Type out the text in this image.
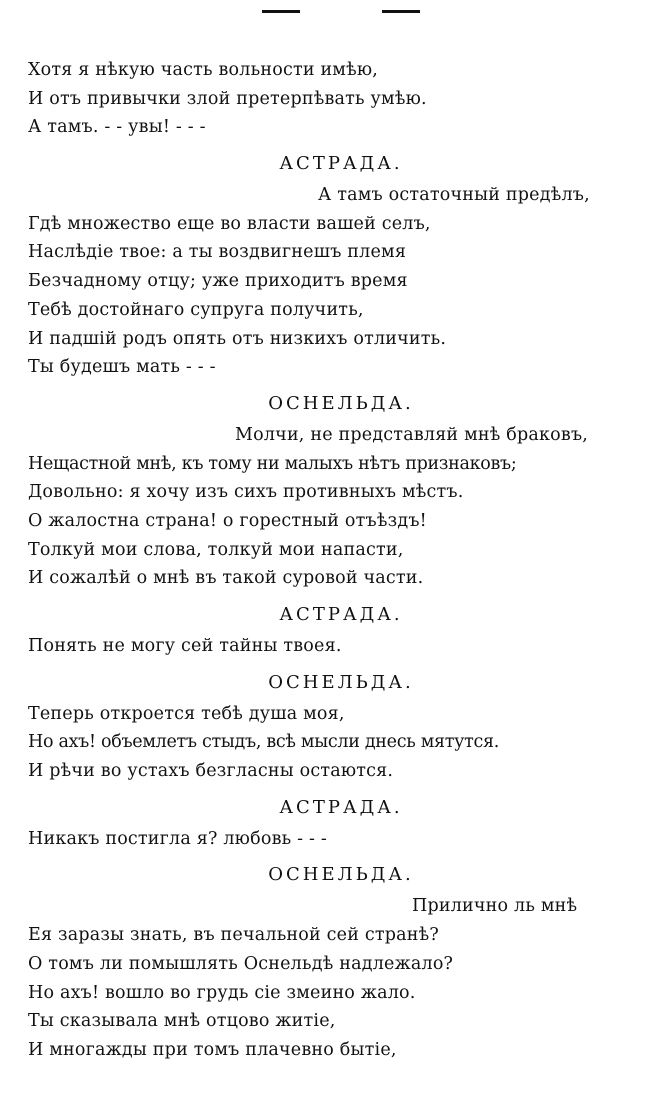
Хотя я нѣкую часть вольности имѣю,
И отъ привычки злой претерпѣвать умѣю.
А тамъ. - - увы! - - -
АСТРАДА.
А тамъ остаточный предѣлъ,
Гдѣ множество еще во власти вашей селъ,
Наслѣдiе твое: а ты воздвигнешъ племя
Безчадному отцу; уже приходитъ время
Тебѣ достойнаго супруга получить,
И падшiй родъ опять отъ низкихъ отличить.
Ты будешъ мать - - -
ОСНЕЛЬДА.
Молчи, не представляй мнѣ браковъ,
Нещастной мнѣ, къ тому ни малыхъ нѣтъ признаковъ;
Довольно: я хочу изъ сихъ противныхъ мѣстъ.
О жалостна страна! о горестный отъѣздъ!
Толкуй мои слова, толкуй мои напасти,
И сожалѣй о мнѣ въ такой суровой части.
АСТРАДА.
Понять не могу сей тайны твоея.
ОСНЕЛЬДА.
Теперь откроется тебѣ душа моя,
Но ахъ! объемлетъ стыдъ, всѣ мысли днесь мятутся.
И рѣчи во устахъ безгласны остаются.
АСТРАДА.
Никакъ постигла я? любовь - - -
ОСНЕЛЬДА.
Прилично ль мнѣ
Ея заразы знать, въ печальной сей странѣ?
О томъ ли помышлять Оснельдѣ надлежало?
Но ахъ! вошло во грудь сiе змеино жало.
Ты сказывала мнѣ отцово житiе,
И многажды при томъ плачевно бытiе,
